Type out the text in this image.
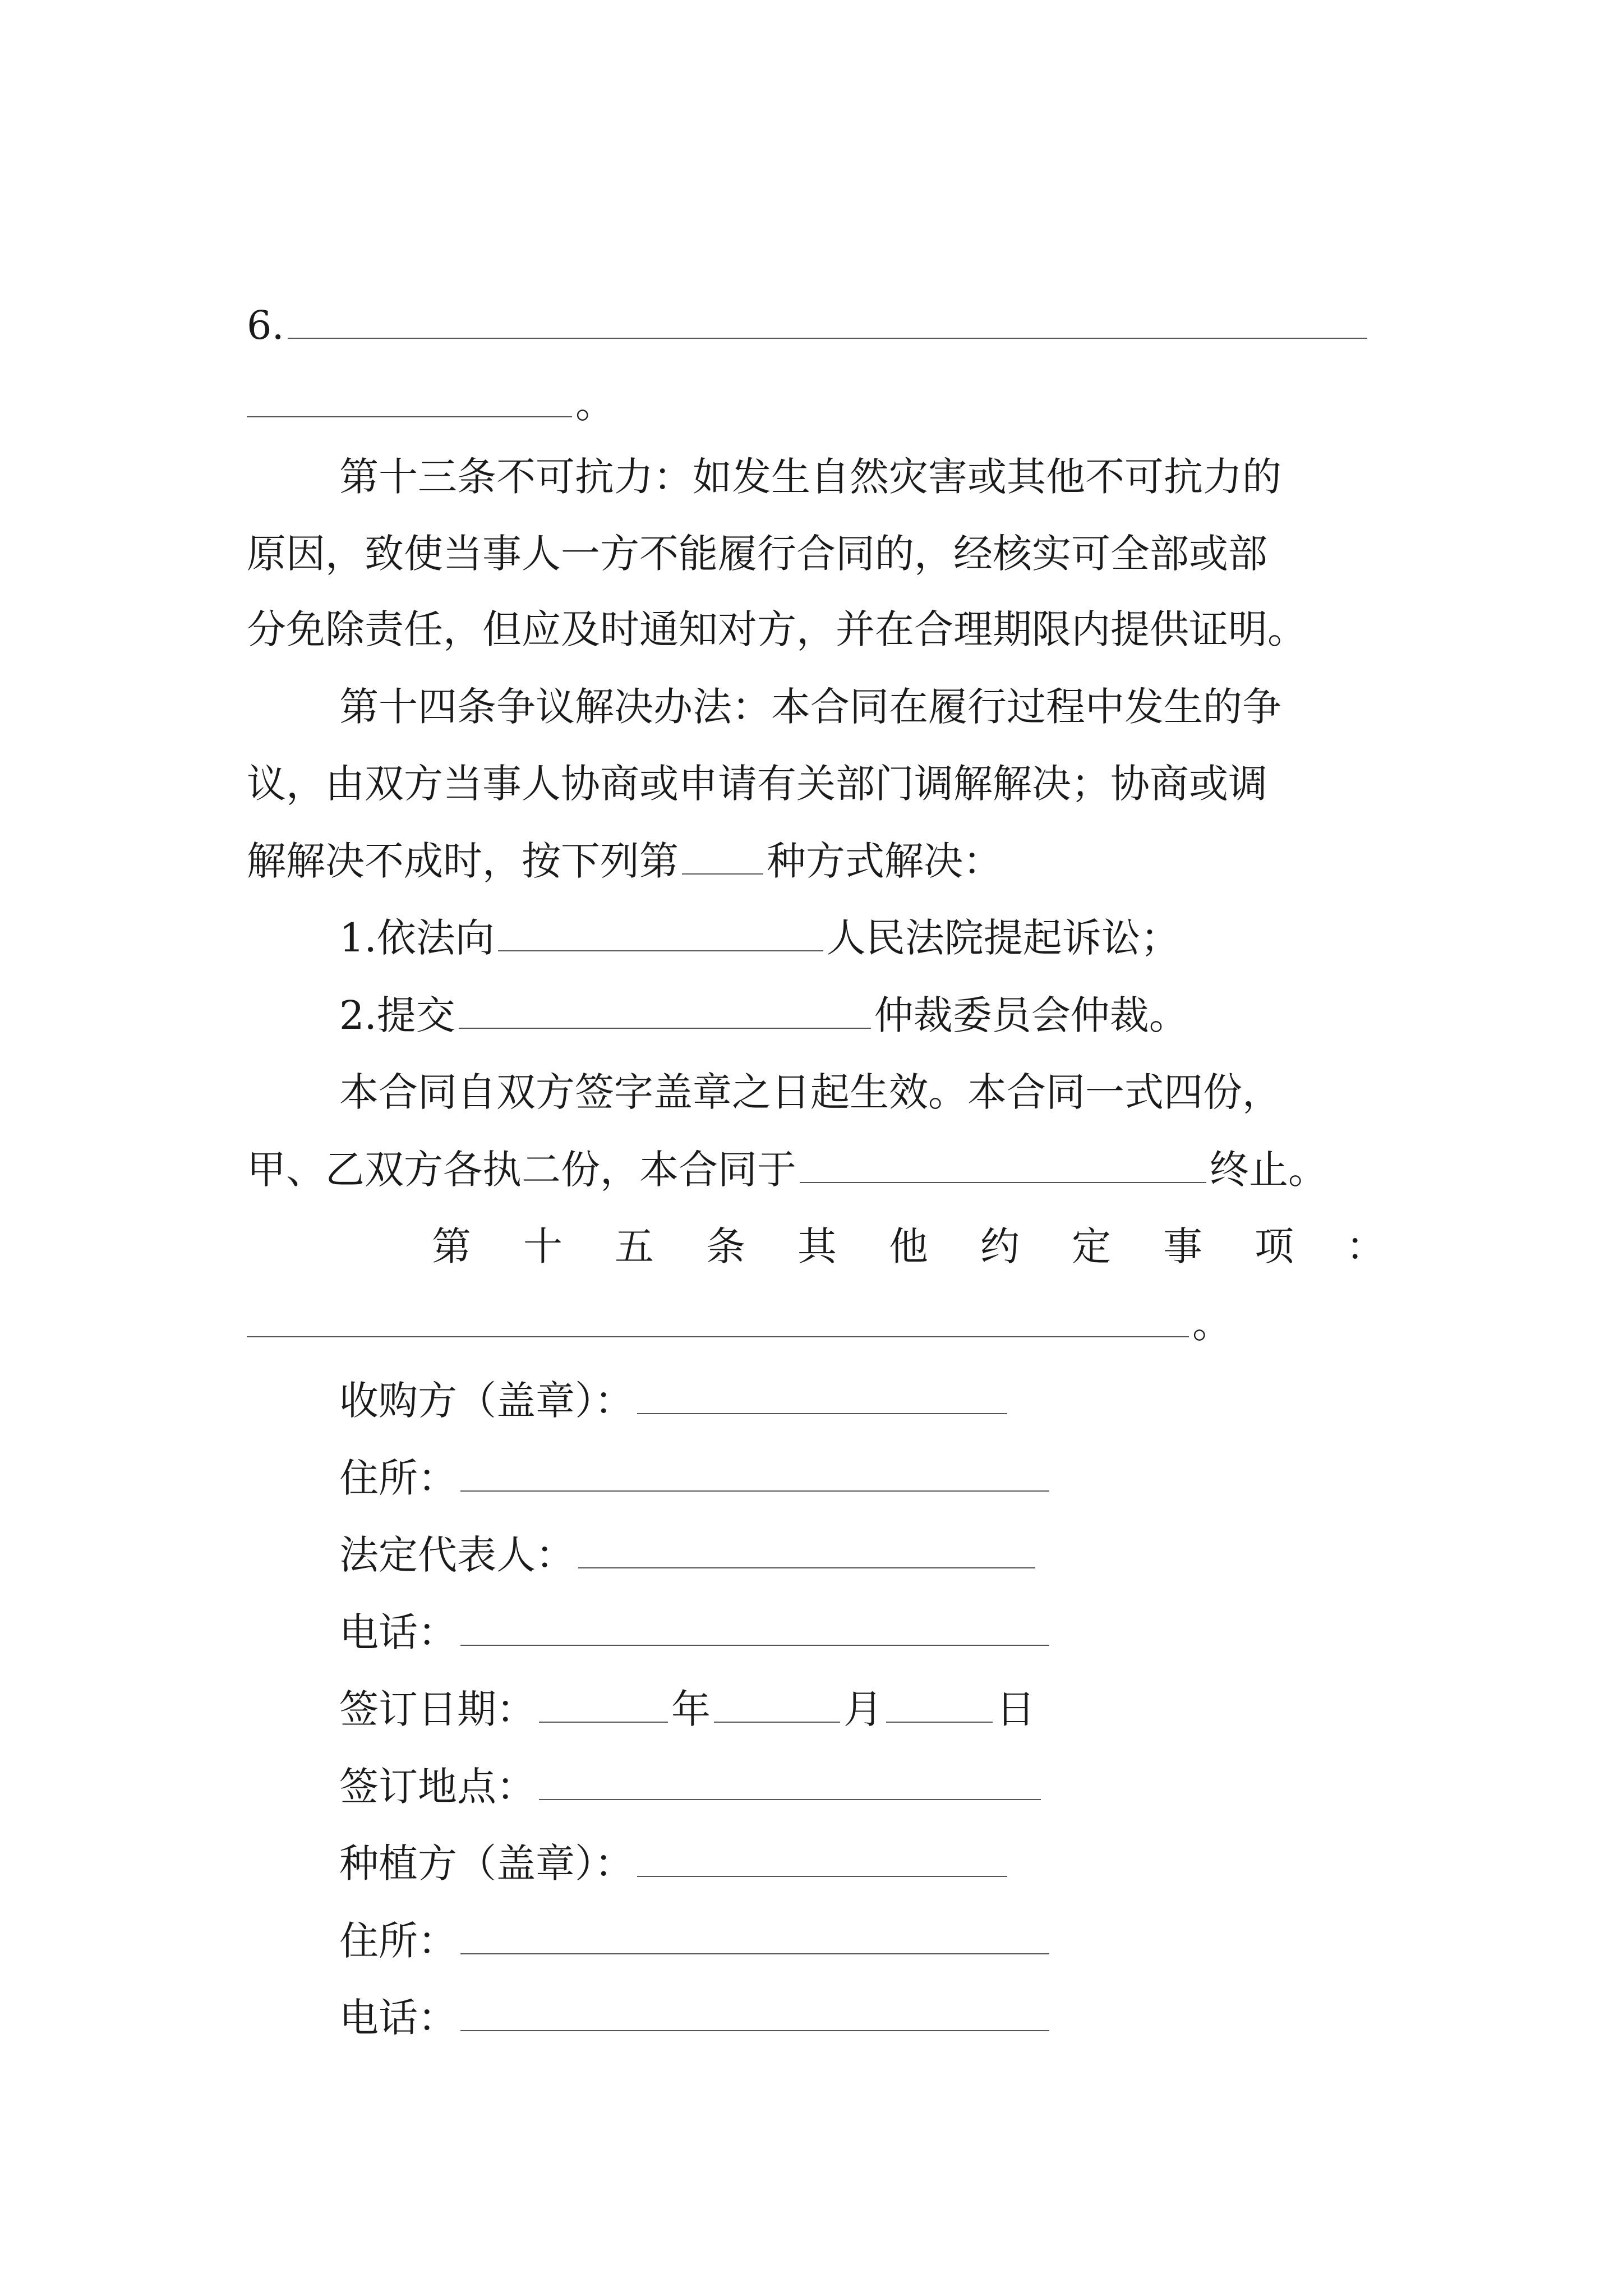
6.
。
第十三条不可抗力：如发生自然灾害或其他不可抗力的
原因，致使当事人一方不能履行合同的，经核实可全部或部
分免除责任，但应及时通知对方，并在合理期限内提供证明。
第十四条争议解决办法：本合同在履行过程中发生的争
议，由双方当事人协商或申请有关部门调解解决；协商或调
解解决不成时，按下列第 种方式解决：
1.依法向	人民法院提起诉讼；
2.提交	仲裁委员会仲裁。
本合同自双方签字盖章之日起生效。本合同一式四份，
甲、乙双方各执二份，本合同于	终止。
第 十 五 条 其 他 约 定 事 项 ：
。
收购方（盖章）：
住所：
法定代表人：
电话：
签订日期：	年	月	日
签订地点：
种植方（盖章）：
住所：
电话：
